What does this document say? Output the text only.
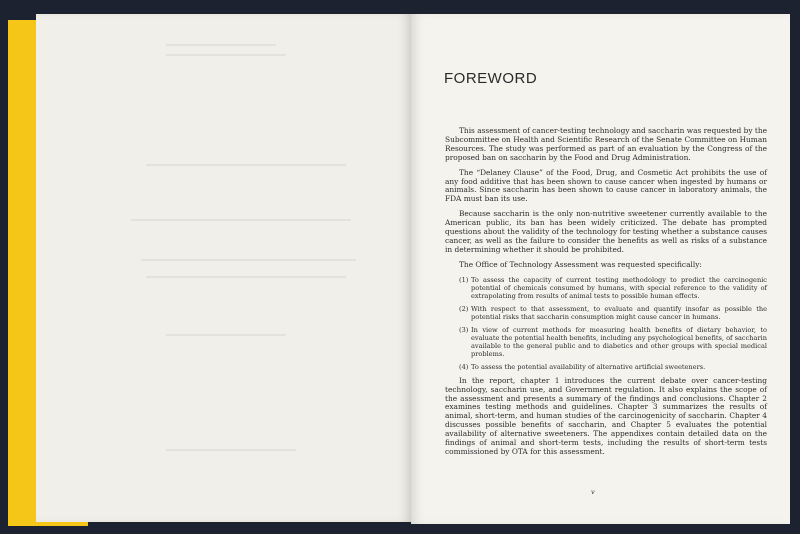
FOREWORD

This assessment of cancer-testing technology and saccharin was requested by the Subcommittee on Health and Scientific Research of the Senate Committee on Human Resources. The study was performed as part of an evaluation by the Congress of the proposed ban on saccharin by the Food and Drug Administration.

The “Delaney Clause” of the Food, Drug, and Cosmetic Act prohibits the use of any food additive that has been shown to cause cancer when ingested by humans or animals. Since saccharin has been shown to cause cancer in laboratory animals, the FDA must ban its use.

Because saccharin is the only non-nutritive sweetener currently available to the American public, its ban has been widely criticized. The debate has prompted questions about the validity of the technology for testing whether a substance causes cancer, as well as the failure to consider the benefits as well as risks of a substance in determining whether it should be prohibited.

The Office of Technology Assessment was requested specifically:

(1) To assess the capacity of current testing methodology to predict the carcinogenic potential of chemicals consumed by humans, with special reference to the validity of extrapolating from results of animal tests to possible human effects.
(2) With respect to that assessment, to evaluate and quantify insofar as possible the potential risks that saccharin consumption might cause cancer in humans.
(3) In view of current methods for measuring health benefits of dietary behavior, to evaluate the potential health benefits, including any psychological benefits, of saccharin available to the general public and to diabetics and other groups with special medical problems.
(4) To assess the potential availability of alternative artificial sweeteners.

In the report, chapter 1 introduces the current debate over cancer-testing technology, saccharin use, and Government regulation. It also explains the scope of the assessment and presents a summary of the findings and conclusions. Chapter 2 examines testing methods and guidelines. Chapter 3 summarizes the results of animal, short-term, and human studies of the carcinogenicity of saccharin. Chapter 4 discusses possible benefits of saccharin, and Chapter 5 evaluates the potential availability of alternative sweeteners. The appendixes contain detailed data on the findings of animal and short-term tests, including the results of short-term tests commissioned by OTA for this assessment.

v
